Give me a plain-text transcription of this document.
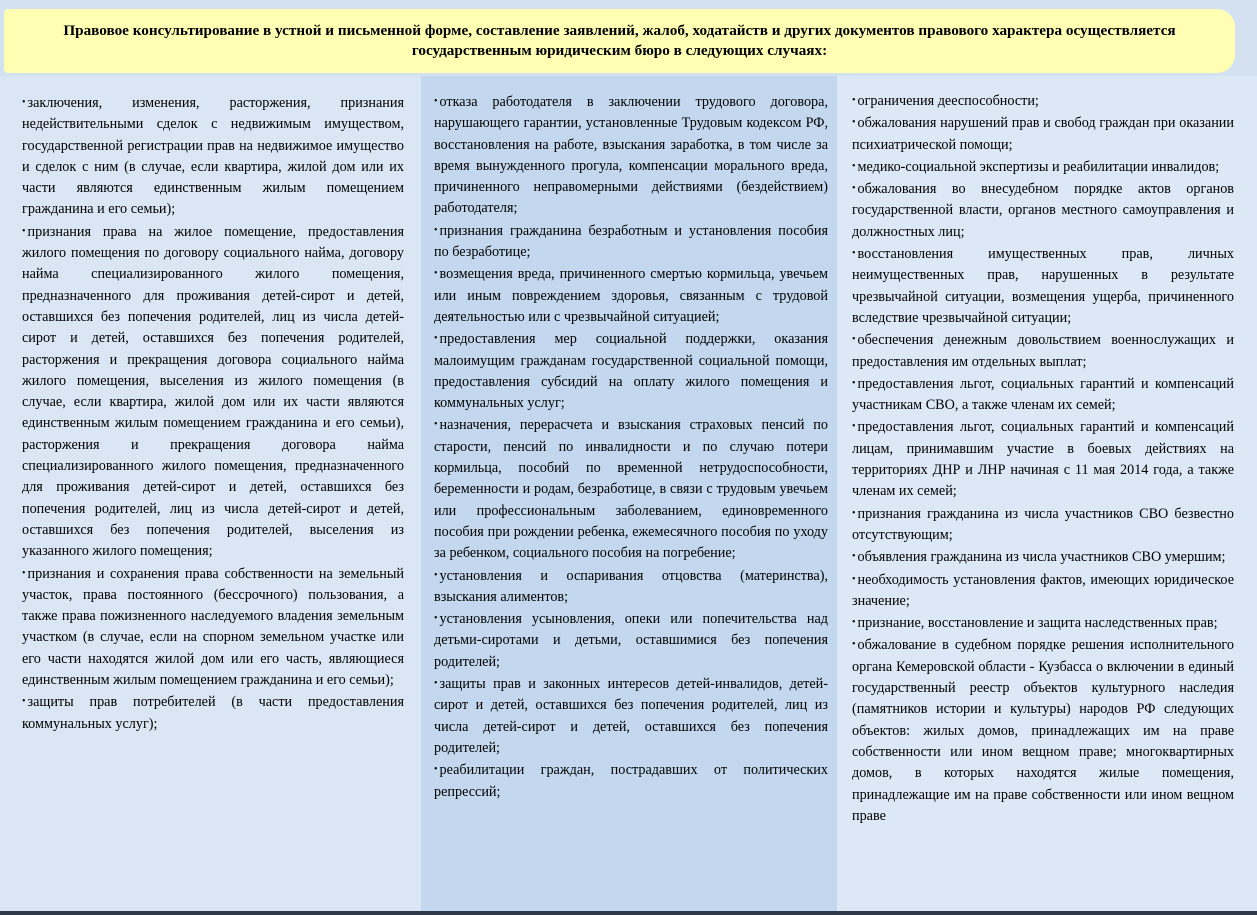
Правовое консультирование в устной и письменной форме, составление заявлений, жалоб, ходатайств и других документов правового характера осуществляется государственным юридическим бюро в следующих случаях:
• заключения, изменения, расторжения, признания недействительными сделок с недвижимым имуществом, государственной регистрации прав на недвижимое имущество и сделок с ним (в случае, если квартира, жилой дом или их части являются единственным жилым помещением гражданина и его семьи);
• признания права на жилое помещение, предоставления жилого помещения по договору социального найма, договору найма специализированного жилого помещения, предназначенного для проживания детей-сирот и детей, оставшихся без попечения родителей, лиц из числа детей-сирот и детей, оставшихся без попечения родителей, расторжения и прекращения договора социального найма жилого помещения, выселения из жилого помещения (в случае, если квартира, жилой дом или их части являются единственным жилым помещением гражданина и его семьи), расторжения и прекращения договора найма специализированного жилого помещения, предназначенного для проживания детей-сирот и детей, оставшихся без попечения родителей, лиц из числа детей-сирот и детей, оставшихся без попечения родителей, выселения из указанного жилого помещения;
• признания и сохранения права собственности на земельный участок, права постоянного (бессрочного) пользования, а также права пожизненного наследуемого владения земельным участком (в случае, если на спорном земельном участке или его части находятся жилой дом или его часть, являющиеся единственным жилым помещением гражданина и его семьи);
• защиты прав потребителей (в части предоставления коммунальных услуг);
• отказа работодателя в заключении трудового договора, нарушающего гарантии, установленные Трудовым кодексом РФ, восстановления на работе, взыскания заработка, в том числе за время вынужденного прогула, компенсации морального вреда, причиненного неправомерными действиями (бездействием) работодателя;
• признания гражданина безработным и установления пособия по безработице;
• возмещения вреда, причиненного смертью кормильца, увечьем или иным повреждением здоровья, связанным с трудовой деятельностью или с чрезвычайной ситуацией;
• предоставления мер социальной поддержки, оказания малоимущим гражданам государственной социальной помощи, предоставления субсидий на оплату жилого помещения и коммунальных услуг;
• назначения, перерасчета и взыскания страховых пенсий по старости, пенсий по инвалидности и по случаю потери кормильца, пособий по временной нетрудоспособности, беременности и родам, безработице, в связи с трудовым увечьем или профессиональным заболеванием, единовременного пособия при рождении ребенка, ежемесячного пособия по уходу за ребенком, социального пособия на погребение;
• установления и оспаривания отцовства (материнства), взыскания алиментов;
• установления усыновления, опеки или попечительства над детьми-сиротами и детьми, оставшимися без попечения родителей;
• защиты прав и законных интересов детей-инвалидов, детей-сирот и детей, оставшихся без попечения родителей, лиц из числа детей-сирот и детей, оставшихся без попечения родителей;
• реабилитации граждан, пострадавших от политических репрессий;
• ограничения дееспособности;
• обжалования нарушений прав и свобод граждан при оказании психиатрической помощи;
• медико-социальной экспертизы и реабилитации инвалидов;
• обжалования во внесудебном порядке актов органов государственной власти, органов местного самоуправления и должностных лиц;
• восстановления имущественных прав, личных неимущественных прав, нарушенных в результате чрезвычайной ситуации, возмещения ущерба, причиненного вследствие чрезвычайной ситуации;
• обеспечения денежным довольствием военнослужащих и предоставления им отдельных выплат;
• предоставления льгот, социальных гарантий и компенсаций участникам СВО, а также членам их семей;
• предоставления льгот, социальных гарантий и компенсаций лицам, принимавшим участие в боевых действиях на территориях ДНР и ЛНР начиная с 11 мая 2014 года, а также членам их семей;
• признания гражданина из числа участников СВО безвестно отсутствующим;
• объявления гражданина из числа участников СВО умершим;
• необходимость установления фактов, имеющих юридическое значение;
• признание, восстановление и защита наследственных прав;
• обжалование в судебном порядке решения исполнительного органа Кемеровской области - Кузбасса о включении в единый государственный реестр объектов культурного наследия (памятников истории и культуры) народов РФ следующих объектов: жилых домов, принадлежащих им на праве собственности или ином вещном праве; многоквартирных домов, в которых находятся жилые помещения, принадлежащие им на праве собственности или ином вещном праве
